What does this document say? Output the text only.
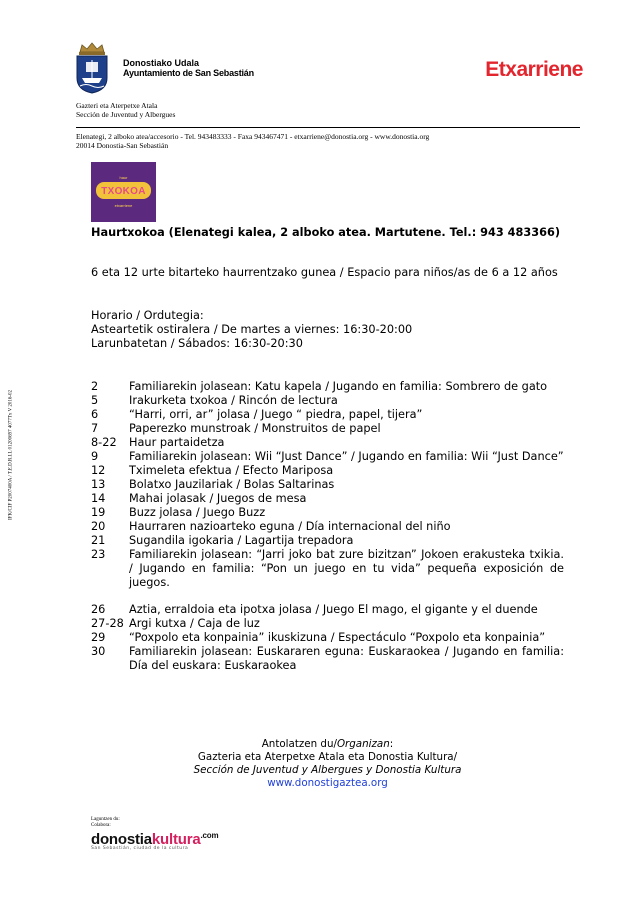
Donostiako Udala
Ayuntamiento de San Sebastián	Etxarriene
Gazteri eta Aterpetxe Atala
Sección de Juventud y Albergues
Elenategi, 2 alboko atea/accesorio - Tel. 943483333 - Faxa 943467471 - etxarriene@donostia.org - www.donostia.org
20014 Donostia-San Sebastián
haur
TXOKOA
etxarriene
Haurtxokoa (Elenategi kalea, 2 alboko atea. Martutene. Tel.: 943 483366)
6 eta 12 urte bitarteko haurrentzako gunea / Espacio para niños/as de 6 a 12 años
Horario / Ordutegia:
Asteartetik ostiralera / De martes a viernes: 16:30-20:00
Larunbatetan / Sábados: 16:30-20:30
2	Familiarekin jolasean: Katu kapela / Jugando en familia: Sombrero de gato
5	Irakurketa txokoa / Rincón de lectura
6	“Harri, orri, ar” jolasa / Juego “ piedra, papel, tijera”
7	Paperezko munstroak / Monstruitos de papel
8-22	Haur partaidetza
9	Familiarekin jolasean: Wii “Just Dance” / Jugando en familia: Wii “Just Dance”
12	Tximeleta efektua / Efecto Mariposa
13	Bolatxo Jauzilariak / Bolas Saltarinas
14	Mahai jolasak / Juegos de mesa
19	Buzz jolasa / Juego Buzz
20	Haurraren nazioarteko eguna / Día internacional del niño
21	Sugandila igokaria / Lagartija trepadora
23	Familiarekin jolasean: “Jarri joko bat zure bizitzan” Jokoen erakusteka txikia. / Jugando en familia: “Pon un juego en tu vida” pequeña exposición de juegos.
26	Aztia, erraldoia eta ipotxa jolasa / Juego El mago, el gigante y el duende
27-28 Argi kutxa / Caja de luz
29	“Poxpolo eta konpainia” ikuskizuna / Espectáculo “Poxpolo eta konpainia”
30	Familiarekin jolasean: Euskararen eguna: Euskaraokea / Jugando en familia: Día del euskara: Euskaraokea
IFK/CIF P2007400A / T.E.D.R.I.L 01200697 4077Tx V 2016-02
Antolatzen du/Organizan:
Gazteria eta Aterpetxe Atala eta Donostia Kultura/
Sección de Juventud y Albergues y Donostia Kultura
www.donostigaztea.org
Laguntzen du:
Colabora:
donostiakultura$^{.com}$
San Sebastián, ciudad de la cultura
